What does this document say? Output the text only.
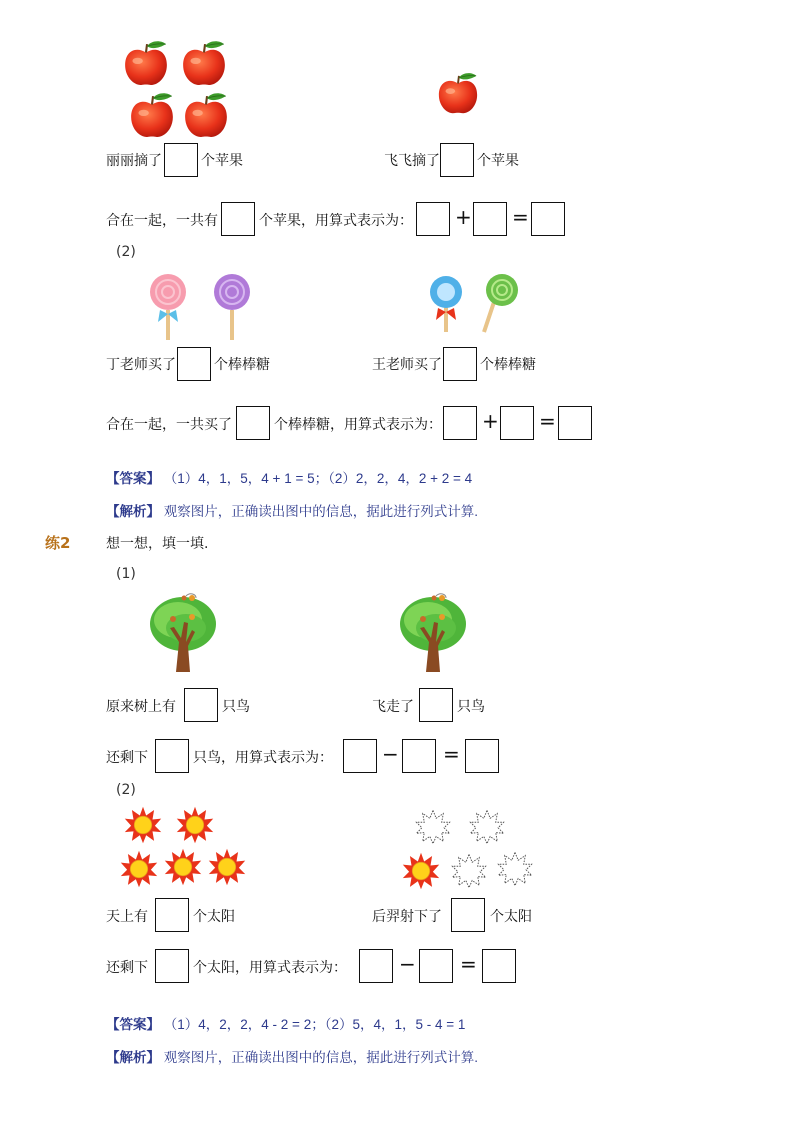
丽丽摘了	个苹果	飞飞摘了	个苹果
合在一起，一共有	个苹果，用算式表示为： + =
(2)
丁老师买了	个棒棒糖	王老师买了	个棒棒糖
合在一起，一共买了	个棒棒糖，用算式表示为： + =
【答案】 （1）4，1，5，4 + 1 = 5；（2）2，2，4，2 + 2 = 4
【解析】 观察图片，正确读出图中的信息，据此进行列式计算.
练2	想一想，填一填.
(1)
原来树上有	只鸟	飞走了	只鸟
还剩下	只鸟，用算式表示为： − =
(2)
天上有	个太阳	后羿射下了	个太阳
还剩下	个太阳，用算式表示为：	− =
【答案】 （1）4，2，2，4 - 2 = 2；（2）5，4，1，5 - 4 = 1
【解析】 观察图片，正确读出图中的信息，据此进行列式计算.
